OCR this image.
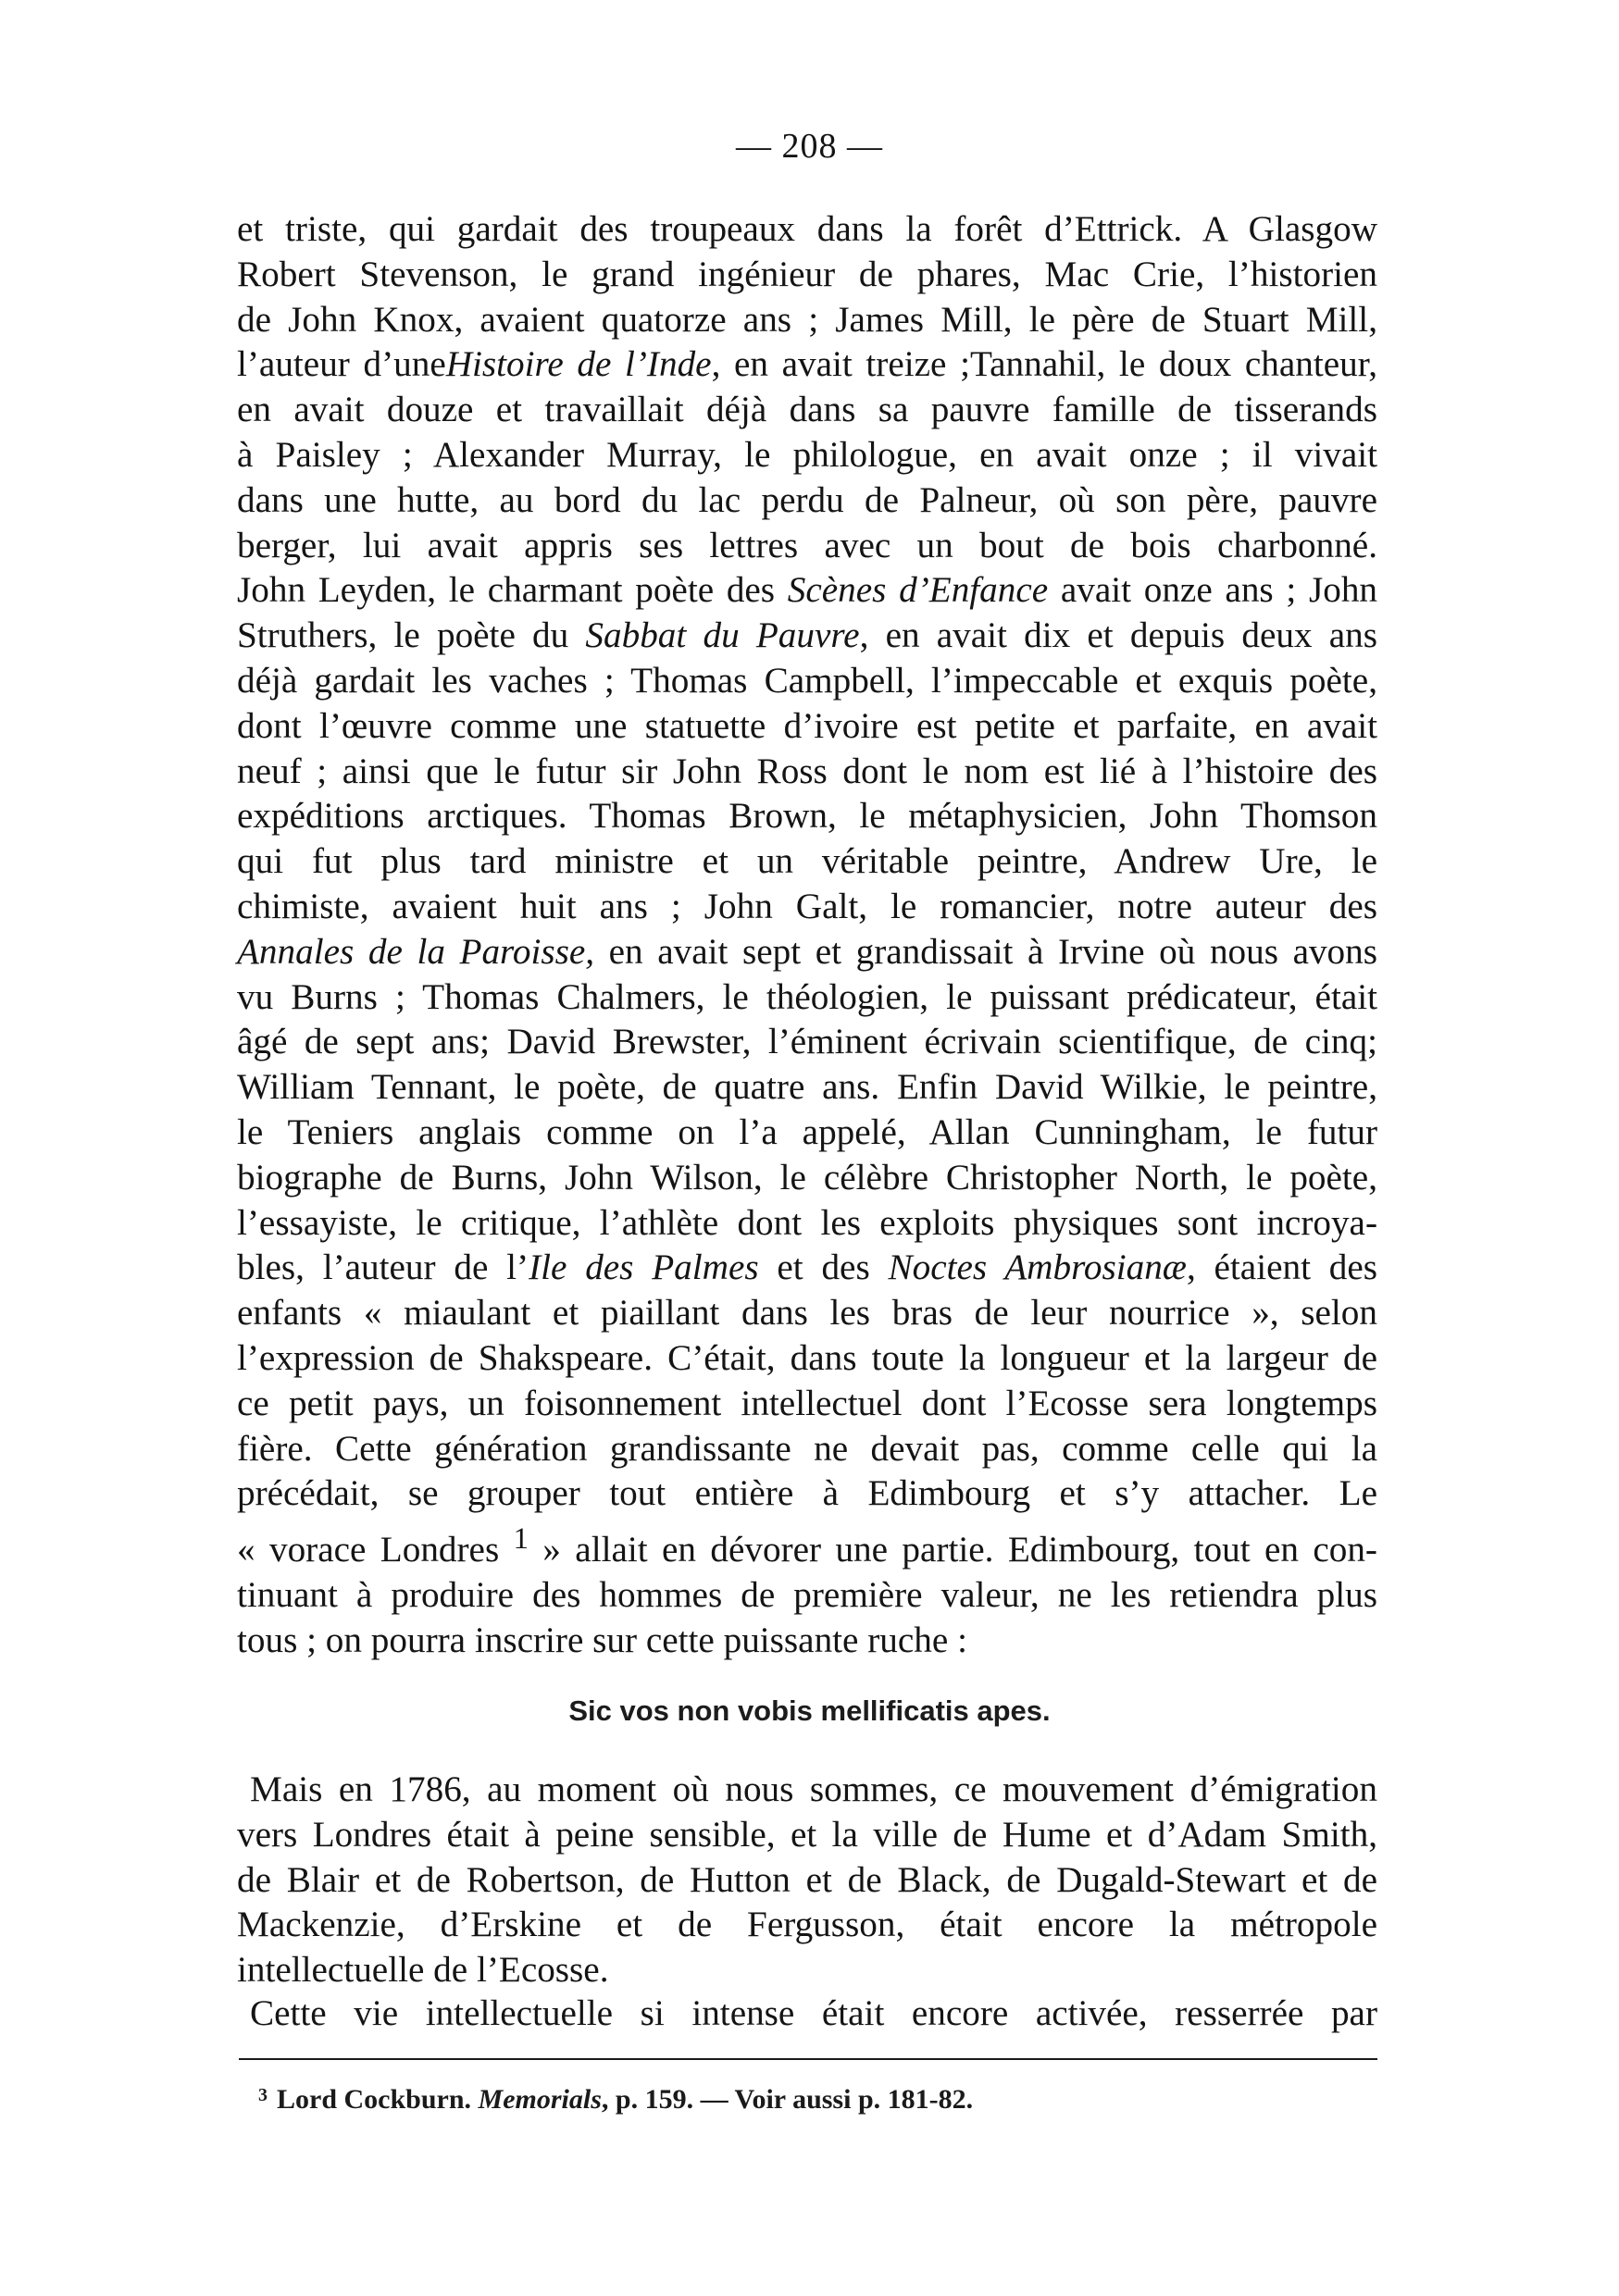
— 208 —

et triste, qui gardait des troupeaux dans la forêt d’Ettrick. A Glasgow

Robert Stevenson, le grand ingénieur de phares, Mac Crie, l’historien

de John Knox, avaient quatorze ans ; James Mill, le père de Stuart Mill,

l’auteur d’uneHistoire de l’Inde, en avait treize ;Tannahil, le doux chanteur,

en avait douze et travaillait déjà dans sa pauvre famille de tisserands

à Paisley ; Alexander Murray, le philologue, en avait onze ; il vivait

dans une hutte, au bord du lac perdu de Palneur, où son père, pauvre

berger, lui avait appris ses lettres avec un bout de bois charbonné.

John Leyden, le charmant poète des Scènes d’Enfance avait onze ans ; John

Struthers, le poète du Sabbat du Pauvre, en avait dix et depuis deux ans

déjà gardait les vaches ; Thomas Campbell, l’impeccable et exquis poète,

dont l’œuvre comme une statuette d’ivoire est petite et parfaite, en avait

neuf ; ainsi que le futur sir John Ross dont le nom est lié à l’histoire des

expéditions arctiques. Thomas Brown, le métaphysicien, John Thomson

qui fut plus tard ministre et un véritable peintre, Andrew Ure, le

chimiste, avaient huit ans ; John Galt, le romancier, notre auteur des

Annales de la Paroisse, en avait sept et grandissait à Irvine où nous avons

vu Burns ; Thomas Chalmers, le théologien, le puissant prédicateur, était

âgé de sept ans; David Brewster, l’éminent écrivain scientifique, de cinq;

William Tennant, le poète, de quatre ans. Enfin David Wilkie, le peintre,

le Teniers anglais comme on l’a appelé, Allan Cunningham, le futur

biographe de Burns, John Wilson, le célèbre Christopher North, le poète,

l’essayiste, le critique, l’athlète dont les exploits physiques sont incroya-

bles, l’auteur de l’Ile des Palmes et des Noctes Ambrosianæ, étaient des

enfants « miaulant et piaillant dans les bras de leur nourrice », selon

l’expression de Shakspeare. C’était, dans toute la longueur et la largeur de

ce petit pays, un foisonnement intellectuel dont l’Ecosse sera longtemps

fière. Cette génération grandissante ne devait pas, comme celle qui la

précédait, se grouper tout entière à Edimbourg et s’y attacher. Le

« vorace Londres $^1$ » allait en dévorer une partie. Edimbourg, tout en con-

tinuant à produire des hommes de première valeur, ne les retiendra plus

tous ; on pourra inscrire sur cette puissante ruche :

Sic vos non vobis mellificatis apes.

Mais en 1786, au moment où nous sommes, ce mouvement d’émigration

vers Londres était à peine sensible, et la ville de Hume et d’Adam Smith,

de Blair et de Robertson, de Hutton et de Black, de Dugald-Stewart et de

Mackenzie, d’Erskine et de Fergusson, était encore la métropole

intellectuelle de l’Ecosse.

Cette vie intellectuelle si intense était encore activée, resserrée par

$^3$ Lord Cockburn. Memorials, p. 159. — Voir aussi p. 181-82.
